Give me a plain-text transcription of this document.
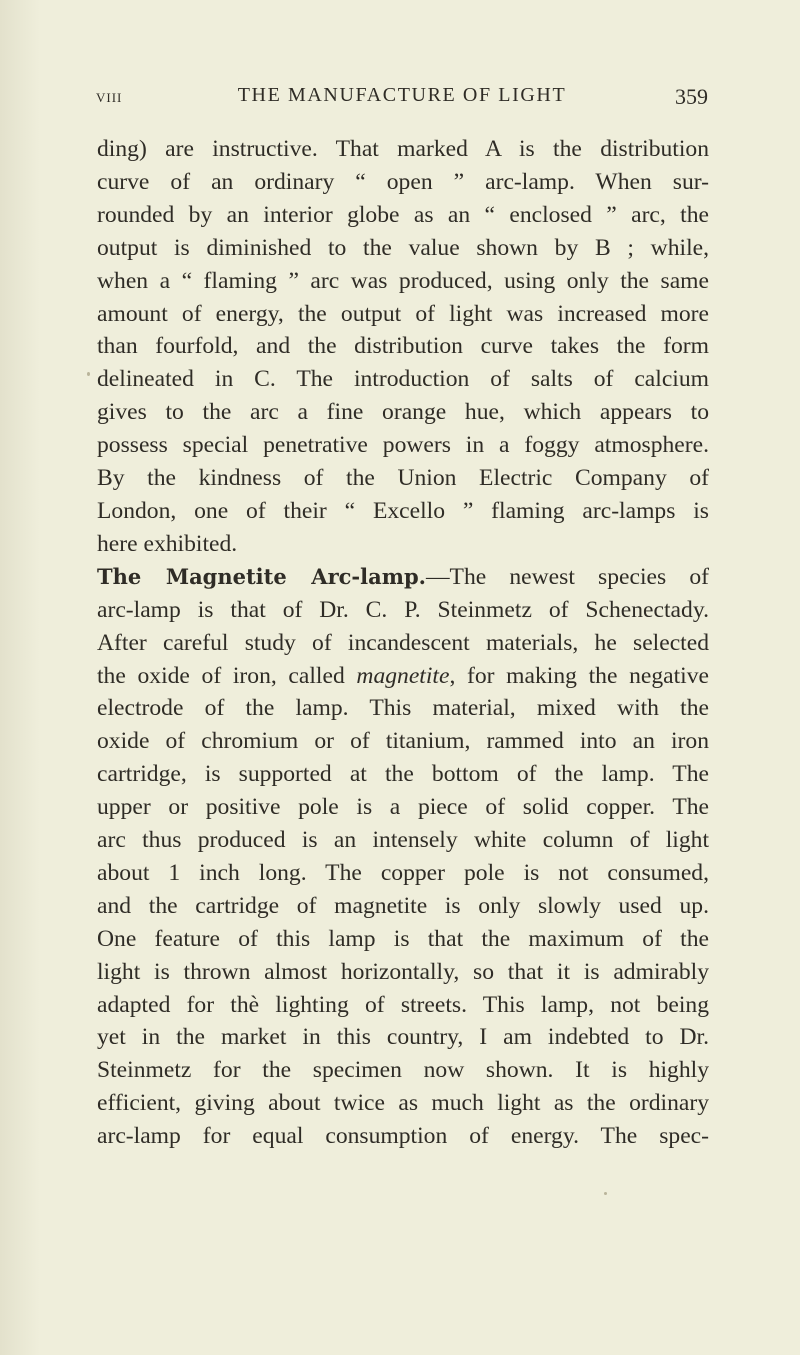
viii	THE MANUFACTURE OF LIGHT	359
ding) are instructive. That marked A is the distribution
curve of an ordinary “ open ” arc-lamp. When sur-
rounded by an interior globe as an “ enclosed ” arc, the
output is diminished to the value shown by B ; while,
when a “ flaming ” arc was produced, using only the same
amount of energy, the output of light was increased more
than fourfold, and the distribution curve takes the form
delineated in C. The introduction of salts of calcium
gives to the arc a fine orange hue, which appears to
possess special penetrative powers in a foggy atmosphere.
By the kindness of the Union Electric Company of
London, one of their “ Excello ” flaming arc-lamps is
here exhibited.
The Magnetite Arc-lamp.—The newest species of
arc-lamp is that of Dr. C. P. Steinmetz of Schenectady.
After careful study of incandescent materials, he selected
the oxide of iron, called magnetite, for making the negative
electrode of the lamp. This material, mixed with the
oxide of chromium or of titanium, rammed into an iron
cartridge, is supported at the bottom of the lamp. The
upper or positive pole is a piece of solid copper. The
arc thus produced is an intensely white column of light
about 1 inch long. The copper pole is not consumed,
and the cartridge of magnetite is only slowly used up.
One feature of this lamp is that the maximum of the
light is thrown almost horizontally, so that it is admirably
adapted for thè lighting of streets. This lamp, not being
yet in the market in this country, I am indebted to Dr.
Steinmetz for the specimen now shown. It is highly
efficient, giving about twice as much light as the ordinary
arc-lamp for equal consumption of energy. The spec-
